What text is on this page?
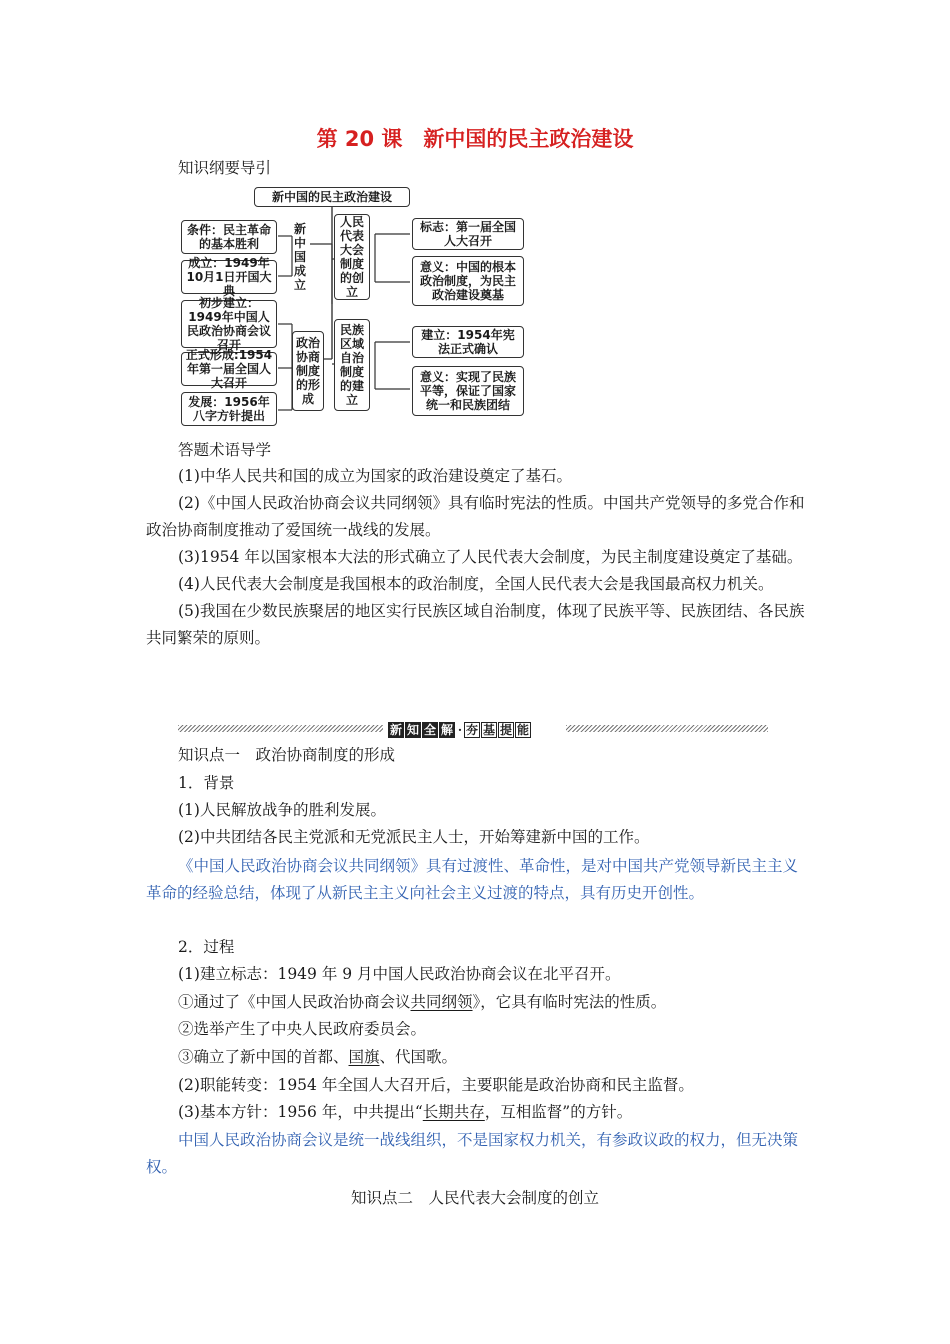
第 20 课　新中国的民主政治建设
知识纲要导引
新中国的民主政治建设
条件：民主革命的基本胜利
成立：1949年10月1日开国大典
新中国成立
初步建立：1949年中国人民政治协商会议召开
正式形成:1954年第一届全国人大召开
发展：1956年八字方针提出
政治协商制度的形成
人民代表大会制度的创立
标志：第一届全国人大召开
意义：中国的根本政治制度，为民主政治建设奠基
民族区域自治制度的建立
建立：1954年宪法正式确认
意义：实现了民族平等，保证了国家统一和民族团结
答题术语导学
(1)中华人民共和国的成立为国家的政治建设奠定了基石。
(2)《中国人民政治协商会议共同纲领》具有临时宪法的性质。中国共产党领导的多党合作和政治协商制度推动了爱国统一战线的发展。
(3)1954 年以国家根本大法的形式确立了人民代表大会制度，为民主制度建设奠定了基础。
(4)人民代表大会制度是我国根本的政治制度，全国人民代表大会是我国最高权力机关。
(5)我国在少数民族聚居的地区实行民族区域自治制度，体现了民族平等、民族团结、各民族共同繁荣的原则。
新 知 全 解 · 夯 基 提 能
知识点一　政治协商制度的形成
1．背景
(1)人民解放战争的胜利发展。
(2)中共团结各民主党派和无党派民主人士，开始筹建新中国的工作。
《中国人民政治协商会议共同纲领》具有过渡性、革命性，是对中国共产党领导新民主主义革命的经验总结，体现了从新民主主义向社会主义过渡的特点，具有历史开创性。
2．过程
(1)建立标志：1949 年 9 月中国人民政治协商会议在北平召开。
①通过了《中国人民政治协商会议共同纲领》，它具有临时宪法的性质。
②选举产生了中央人民政府委员会。
③确立了新中国的首都、国旗、代国歌。
(2)职能转变：1954 年全国人大召开后，主要职能是政治协商和民主监督。
(3)基本方针：1956 年，中共提出“长期共存，互相监督”的方针。
中国人民政治协商会议是统一战线组织，不是国家权力机关，有参政议政的权力，但无决策权。
知识点二　人民代表大会制度的创立
